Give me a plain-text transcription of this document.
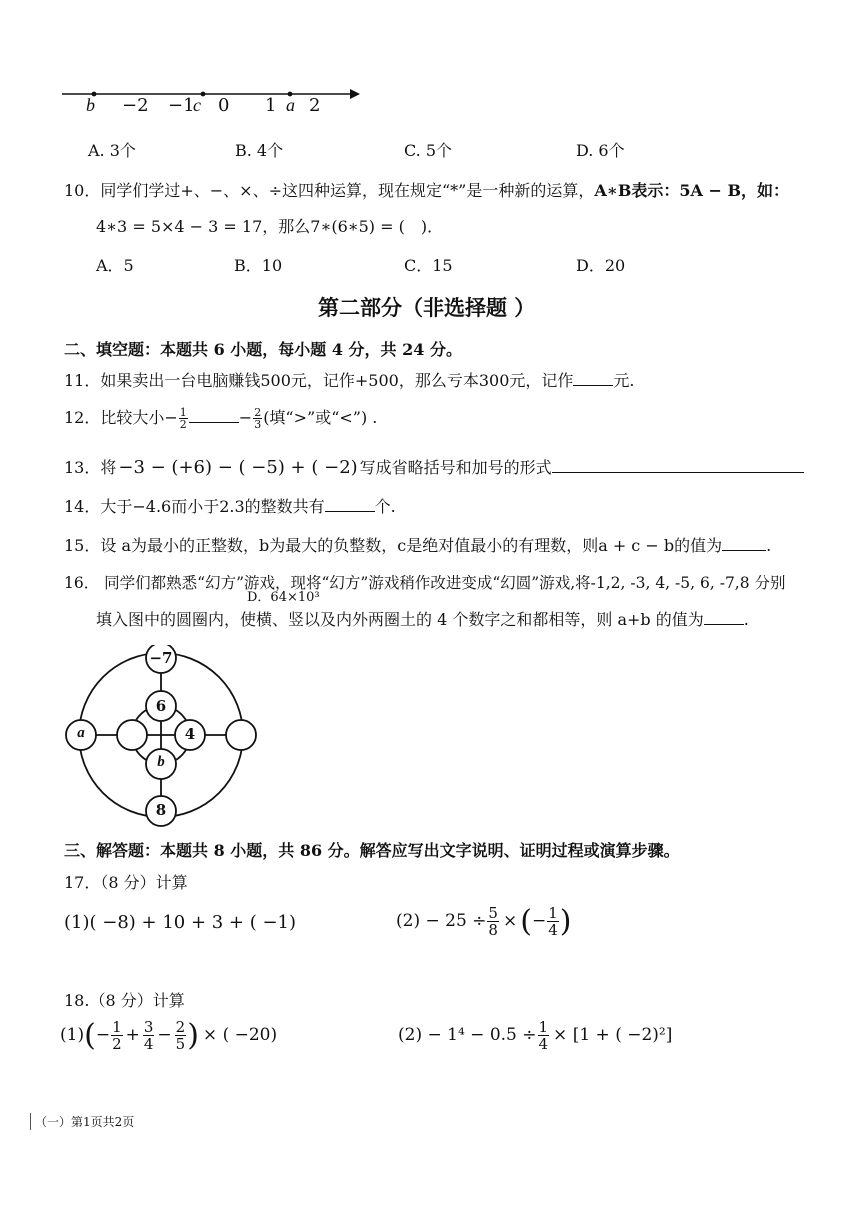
b −2 −1
c 0 1 a 2
A. 3个	B. 4个	C. 5个	D. 6个
10．同学们学过+、−、×、÷这四种运算，现在规定“*”是一种新的运算，A∗B表示：5A − B，如：
4∗3 = 5×4 − 3 = 17，那么7∗(6∗5) = (　)．
A．5	B．10	C．15	D．20
第二部分（非选择题 ）
二、填空题：本题共 6 小题，每小题 4 分，共 24 分。
11．如果卖出一台电脑赚钱500元，记作+500，那么亏本300元，记作	元.
12．比较大小− $\frac{1}{2}$	− $\frac{2}{3}$ (填“>”或“<”) .
13．将 −3 − (+6) − ( −5) + ( −2) 写成省略括号和加号的形式
14．大于−4.6而小于2.3的整数共有	个.
15．设 a为最小的正整数，b为最大的负整数，c是绝对值最小的有理数，则a + c − b的值为	.
16． 同学们都熟悉“幻方”游戏，现将“幻方”游戏稍作改进变成“幻圆”游戏,将-1,2, -3, 4, -5, 6, -7,8 分别
D．64×10³
填入图中的圆圈内，使横、竖以及内外两圈土的 4 个数字之和都相等，则 a+b 的值为	.
−7
6
a	4
b
8
三、解答题：本题共 8 小题，共 86 分。解答应写出文字说明、证明过程或演算步骤。
17．（8 分）计算
(1)( −8) + 10 + 3 + ( −1)	$(2) - 25 \div \frac{5}{8}$ × ( − $\frac{1}{4}$ )
18.（8 分）计算
(1) ( − $\frac{1}{2} + \frac{3}{4} - \frac{2}{5}$ ) × ( −20)	$(2) - 1^4 - 0.5 \div \frac{1}{4} \times [1$ + ( −2)²]
（一）第1页共2页
